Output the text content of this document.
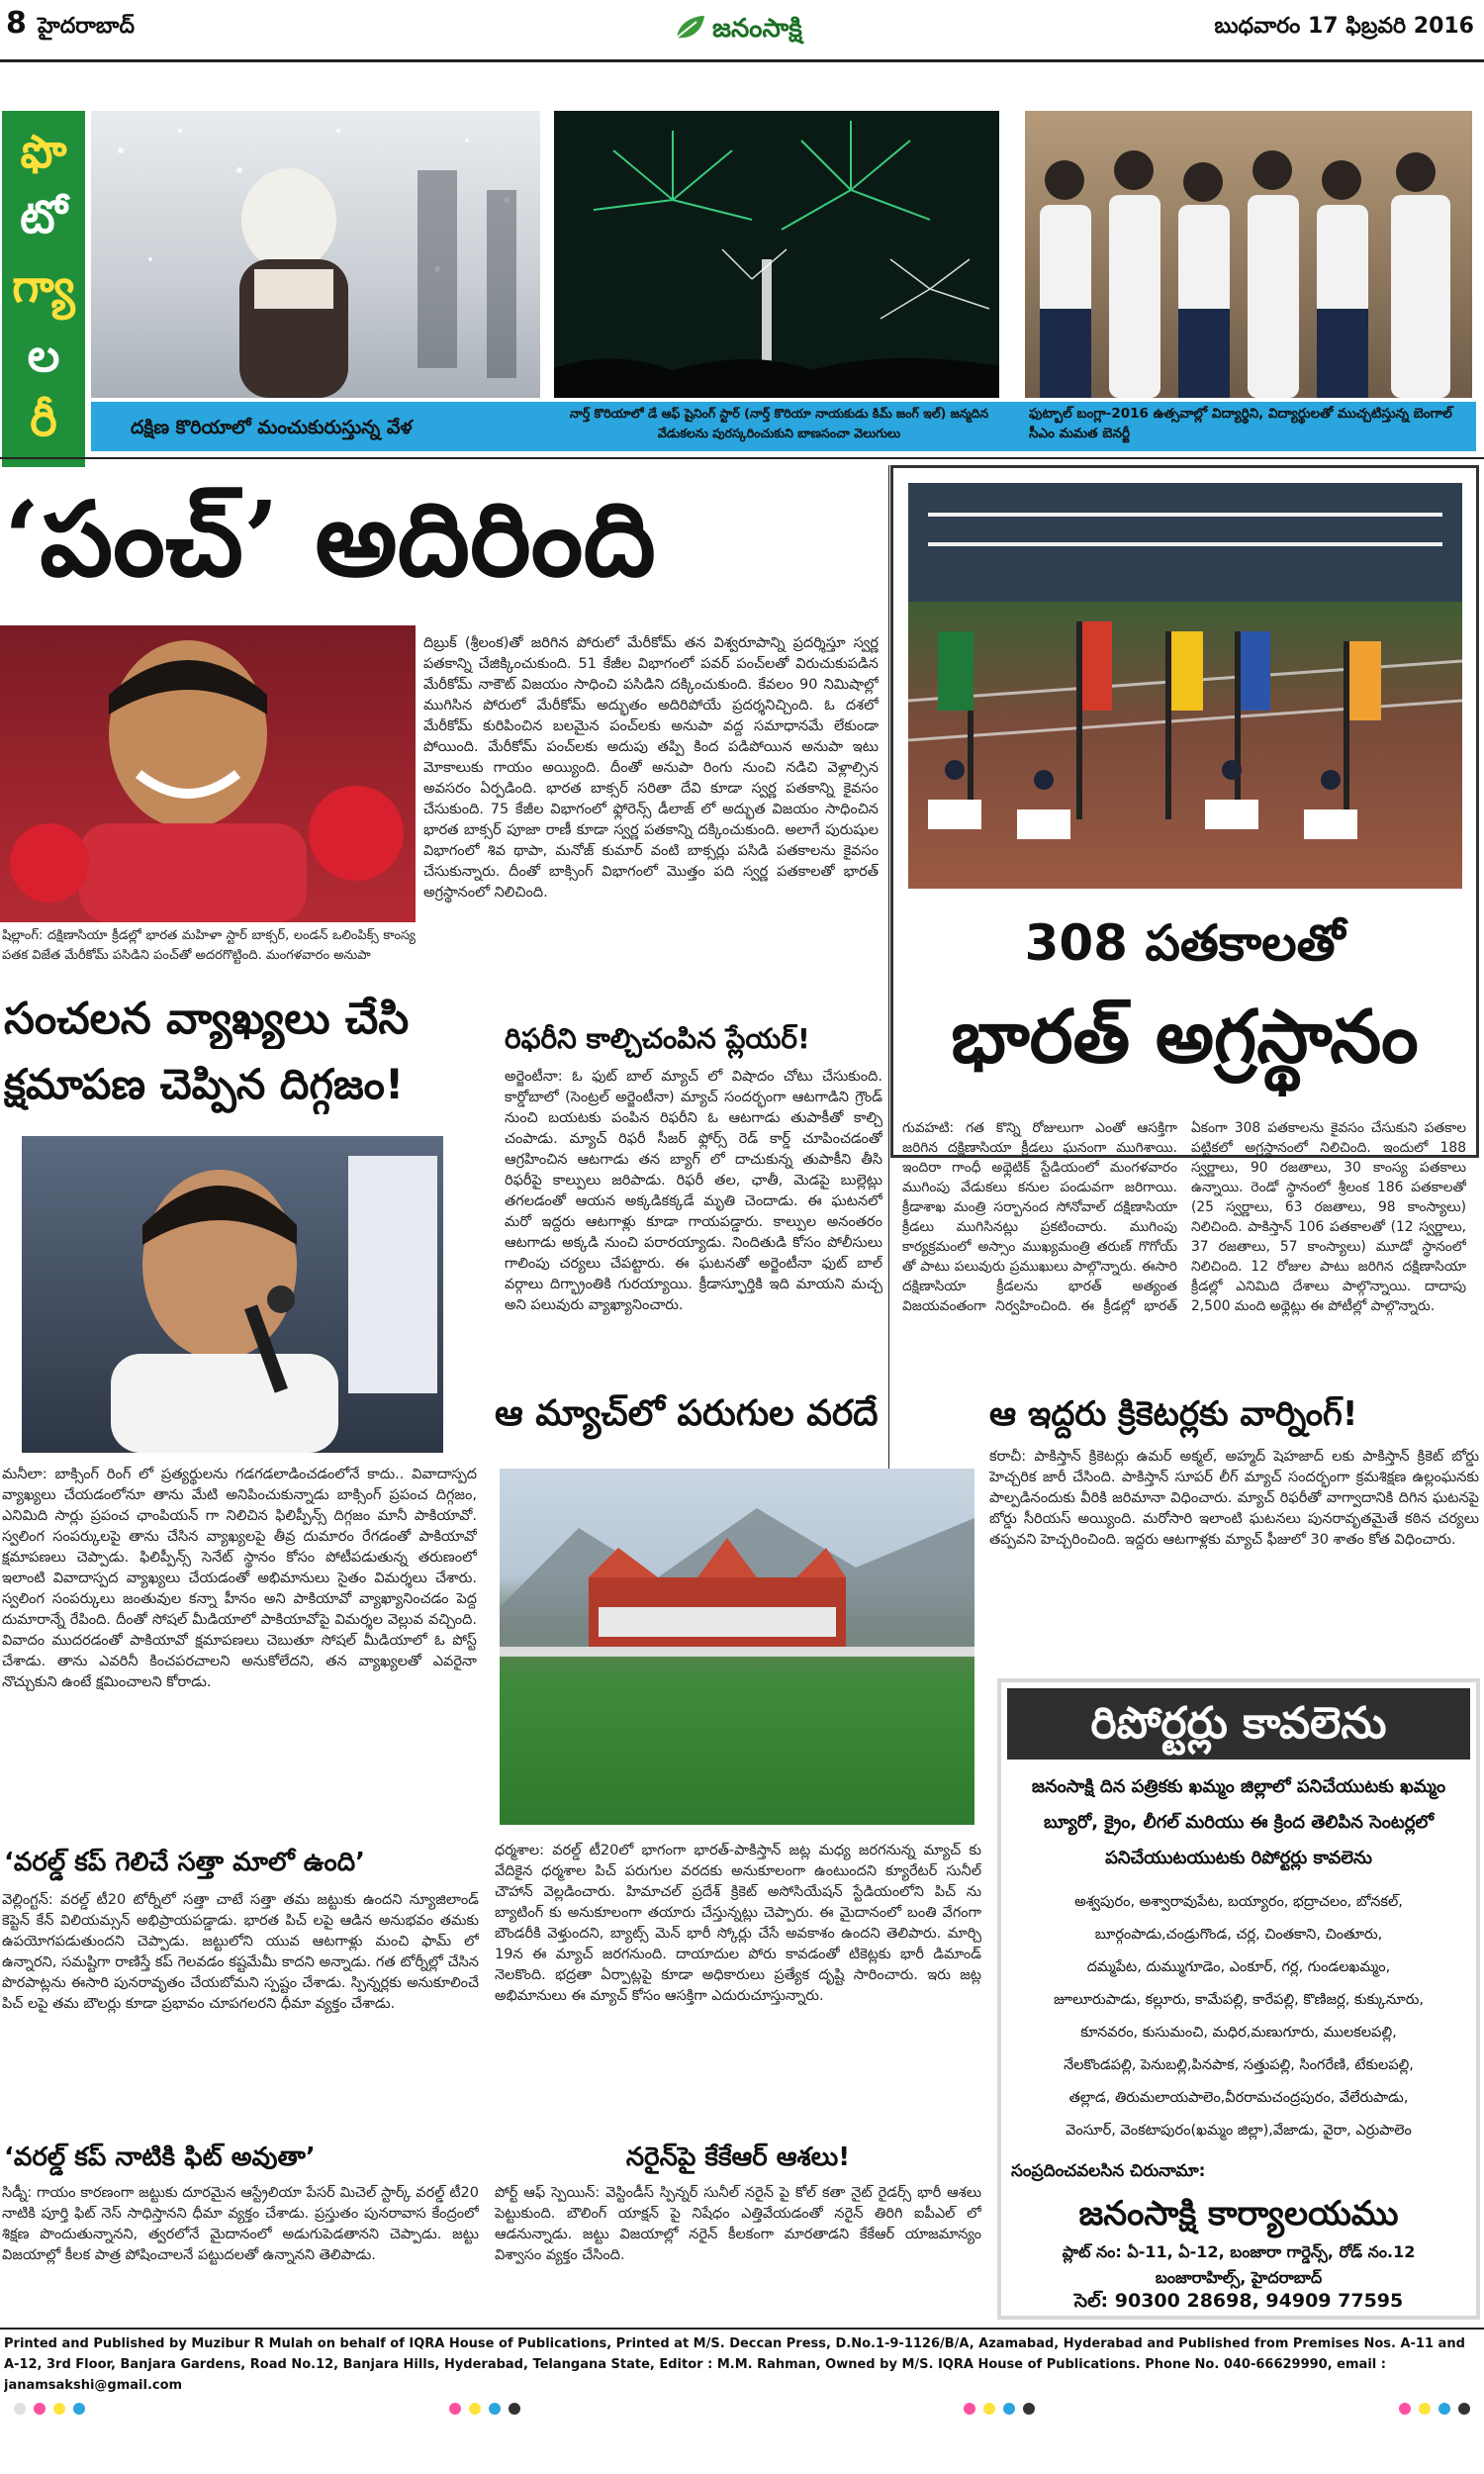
8 హైదరాబాద్	జనంసాక్షి	బుధవారం 17 ఫిబ్రవరి 2016
ఫొ
టో
గ్యా
ల
రీ	దక్షిణ కొరియాలో మంచుకురుస్తున్న వేళ
నార్త్ కొరియాలో డే ఆఫ్ షైనింగ్ స్టార్ (నార్త్ కొరియా నాయకుడు కిమ్ జంగ్ ఇల్) జన్మదిన వేడుకలను పురస్కరించుకుని బాణసంచా వెలుగులు
ఫుట్బాల్ బంగ్లా-2016 ఉత్సవాల్లో విద్యార్థిని, విద్యార్థులతో ముచ్చటిస్తున్న బెంగాల్ సీఎం మమత బెనర్జీ
‘పంచ్’ అదిరింది
షిల్లాంగ్: దక్షిణాసియా క్రీడల్లో భారత మహిళా స్టార్ బాక్సర్, లండన్ ఒలింపిక్స్ కాంస్య పతక విజేత మేరీకోమ్ పసిడిని పంచ్‌తో అదరగొట్టింది. మంగళవారం అనుపా
దిబ్రుక్ (శ్రీలంక)తో జరిగిన పోరులో మేరీకోమ్ తన విశ్వరూపాన్ని ప్రదర్శిస్తూ స్వర్ణ పతకాన్ని చేజిక్కించుకుంది. 51 కేజీల విభాగంలో పవర్ పంచ్‌లతో విరుచుకుపడిన మేరీకోమ్ నాకౌట్ విజయం సాధించి పసిడిని దక్కించుకుంది. కేవలం 90 నిమిషాల్లో ముగిసిన పోరులో మేరీకోమ్ అద్భుతం అదిరిపోయే ప్రదర్శనిచ్చింది. ఓ దశలో మేరీకోమ్ కురిపించిన బలమైన పంచ్‌లకు అనుపా వద్ద సమాధానమే లేకుండా పోయింది. మేరీకోమ్ పంచ్‌లకు అదుపు తప్పి కింద పడిపోయిన అనుపా ఇటు మోకాలుకు గాయం అయ్యింది. దీంతో అనుపా రింగు నుంచి నడిచి వెళ్లాల్సిన అవసరం ఏర్పడింది. భారత బాక్సర్ సరితా దేవి కూడా స్వర్ణ పతకాన్ని కైవసం చేసుకుంది. 75 కేజీల విభాగంలో ఫ్లోరెన్స్ డీలాజ్ లో అద్భుత విజయం సాధించిన భారత బాక్సర్ పూజా రాణీ కూడా స్వర్ణ పతకాన్ని దక్కించుకుంది. అలాగే పురుషుల విభాగంలో శివ థాపా, మనోజ్ కుమార్ వంటి బాక్సర్లు పసిడి పతకాలను కైవసం చేసుకున్నారు. దీంతో బాక్సింగ్ విభాగంలో మొత్తం పది స్వర్ణ పతకాలతో భారత్ అగ్రస్థానంలో నిలిచింది.
సంచలన వ్యాఖ్యలు చేసి
క్షమాపణ చెప్పిన దిగ్గజం!
మనీలా: బాక్సింగ్ రింగ్ లో ప్రత్యర్థులను గడగడలాడించడంలోనే కాదు.. వివాదాస్పద వ్యాఖ్యలు చేయడంలోనూ తాను మేటి అనిపించుకున్నాడు బాక్సింగ్ ప్రపంచ దిగ్గజం, ఎనిమిది సార్లు ప్రపంచ ఛాంపియన్ గా నిలిచిన ఫిలిప్పీన్స్ దిగ్గజం మానీ పాకియావో. స్వలింగ సంపర్కులపై తాను చేసిన వ్యాఖ్యలపై తీవ్ర దుమారం రేగడంతో పాకియావో క్షమాపణలు చెప్పాడు. ఫిలిప్పీన్స్ సెనేట్ స్థానం కోసం పోటీపడుతున్న తరుణంలో ఇలాంటి వివాదాస్పద వ్యాఖ్యలు చేయడంతో అభిమానులు సైతం విమర్శలు చేశారు. స్వలింగ సంపర్కులు జంతువుల కన్నా హీనం అని పాకియావో వ్యాఖ్యానించడం పెద్ద దుమారాన్నే రేపింది. దీంతో సోషల్ మీడియాలో పాకియావోపై విమర్శల వెల్లువ వచ్చింది. వివాదం ముదరడంతో పాకియావో క్షమాపణలు చెబుతూ సోషల్ మీడియాలో ఓ పోస్ట్ చేశాడు. తాను ఎవరినీ కించపరచాలని అనుకోలేదని, తన వ్యాఖ్యలతో ఎవరైనా నొచ్చుకుని ఉంటే క్షమించాలని కోరాడు.
రిఫరీని కాల్చిచంపిన ప్లేయర్!
అర్జెంటీనా: ఓ ఫుట్ బాల్ మ్యాచ్ లో విషాదం చోటు చేసుకుంది. కార్డోబాలో (సెంట్రల్ అర్జెంటీనా) మ్యాచ్ సందర్భంగా ఆటగాడిని గ్రౌండ్ నుంచి బయటకు పంపిన రిఫరీని ఓ ఆటగాడు తుపాకీతో కాల్చి చంపాడు. మ్యాచ్ రిఫరీ సీజర్ ఫ్లోర్స్ రెడ్ కార్డ్ చూపించడంతో ఆగ్రహించిన ఆటగాడు తన బ్యాగ్ లో దాచుకున్న తుపాకీని తీసి రిఫరీపై కాల్పులు జరిపాడు. రిఫరీ తల, ఛాతీ, మెడపై బుల్లెట్లు తగలడంతో ఆయన అక్కడికక్కడే మృతి చెందాడు. ఈ ఘటనలో మరో ఇద్దరు ఆటగాళ్లు కూడా గాయపడ్డారు. కాల్పుల అనంతరం ఆటగాడు అక్కడి నుంచి పరారయ్యాడు. నిందితుడి కోసం పోలీసులు గాలింపు చర్యలు చేపట్టారు. ఈ ఘటనతో అర్జెంటీనా ఫుట్ బాల్ వర్గాలు దిగ్భ్రాంతికి గురయ్యాయి. క్రీడాస్ఫూర్తికి ఇది మాయని మచ్చ అని పలువురు వ్యాఖ్యానించారు.
308 పతకాలతో
భారత్ అగ్రస్థానం
గువహటి: గత కొన్ని రోజులుగా ఎంతో ఆసక్తిగా జరిగిన దక్షిణాసియా క్రీడలు ఘనంగా ముగిశాయి. ఇందిరా గాంధీ అథ్లెటిక్ స్టేడియంలో మంగళవారం ముగింపు వేడుకలు కనుల పండువగా జరిగాయి. క్రీడాశాఖ మంత్రి సర్బానంద సోనోవాల్ దక్షిణాసియా క్రీడలు ముగిసినట్లు ప్రకటించారు. ముగింపు కార్యక్రమంలో అస్సాం ముఖ్యమంత్రి తరుణ్ గొగోయ్ తో పాటు పలువురు ప్రముఖులు పాల్గొన్నారు. ఈసారి దక్షిణాసియా క్రీడలను భారత్ అత్యంత విజయవంతంగా నిర్వహించింది. ఈ క్రీడల్లో భారత్ ఏకంగా 308 పతకాలను కైవసం చేసుకుని పతకాల పట్టికలో అగ్రస్థానంలో నిలిచింది. ఇందులో 188 స్వర్ణాలు, 90 రజతాలు, 30 కాంస్య పతకాలు ఉన్నాయి. రెండో స్థానంలో శ్రీలంక 186 పతకాలతో (25 స్వర్ణాలు, 63 రజతాలు, 98 కాంస్యాలు) నిలిచింది. పాకిస్తాన్ 106 పతకాలతో (12 స్వర్ణాలు, 37 రజతాలు, 57 కాంస్యాలు) మూడో స్థానంలో నిలిచింది. 12 రోజుల పాటు జరిగిన దక్షిణాసియా క్రీడల్లో ఎనిమిది దేశాలు పాల్గొన్నాయి. దాదాపు 2,500 మంది అథ్లెట్లు ఈ పోటీల్లో పాల్గొన్నారు.
ఆ మ్యాచ్‌లో పరుగుల వరదే
ధర్మశాల: వరల్డ్ టీ20లో భాగంగా భారత్-పాకిస్తాన్ జట్ల మధ్య జరగనున్న మ్యాచ్ కు వేదికైన ధర్మశాల పిచ్ పరుగుల వరదకు అనుకూలంగా ఉంటుందని క్యూరేటర్ సునీల్ చౌహాన్ వెల్లడించారు. హిమాచల్ ప్రదేశ్ క్రికెట్ అసోసియేషన్ స్టేడియంలోని పిచ్ ను బ్యాటింగ్ కు అనుకూలంగా తయారు చేస్తున్నట్లు చెప్పారు. ఈ మైదానంలో బంతి వేగంగా బౌండరీకి వెళ్తుందని, బ్యాట్స్ మెన్ భారీ స్కోర్లు చేసే అవకాశం ఉందని తెలిపారు. మార్చి 19న ఈ మ్యాచ్ జరగనుంది. దాయాదుల పోరు కావడంతో టికెట్లకు భారీ డిమాండ్ నెలకొంది. భద్రతా ఏర్పాట్లపై కూడా అధికారులు ప్రత్యేక దృష్టి సారించారు. ఇరు జట్ల అభిమానులు ఈ మ్యాచ్ కోసం ఆసక్తిగా ఎదురుచూస్తున్నారు.
ఆ ఇద్దరు క్రికెటర్లకు వార్నింగ్!
కరాచీ: పాకిస్తాన్ క్రికెటర్లు ఉమర్ అక్మల్, అహ్మద్ షెహజాద్ లకు పాకిస్తాన్ క్రికెట్ బోర్డు హెచ్చరిక జారీ చేసింది. పాకిస్తాన్ సూపర్ లీగ్ మ్యాచ్ సందర్భంగా క్రమశిక్షణ ఉల్లంఘనకు పాల్పడినందుకు వీరికి జరిమానా విధించారు. మ్యాచ్ రిఫరీతో వాగ్వాదానికి దిగిన ఘటనపై బోర్డు సీరియస్ అయ్యింది. మరోసారి ఇలాంటి ఘటనలు పునరావృతమైతే కఠిన చర్యలు తప్పవని హెచ్చరించింది. ఇద్దరు ఆటగాళ్లకు మ్యాచ్ ఫీజులో 30 శాతం కోత విధించారు.
రిపోర్టర్లు కావలెను
జనంసాక్షి దిన పత్రికకు ఖమ్మం జిల్లాలో పనిచేయుటకు ఖమ్మం బ్యూరో, క్రైం, లీగల్ మరియు ఈ క్రింద తెలిపిన సెంటర్లలో పనిచేయుటయుటకు రిపోర్టర్లు కావలెను
అశ్వపురం, అశ్వారావుపేట, బయ్యారం, భద్రాచలం, బోనకల్,
బూర్గంపాడు,చండ్రుగొండ, చర్ల, చింతకాని, చింతూరు,
దమ్మపేట, దుమ్ముగూడెం, ఎంకూర్, గర్ల, గుండలఖమ్మం,
జూలూరుపాడు, కల్లూరు, కామేపల్లి, కారేపల్లి, కొణిజర్ల, కుక్కునూరు,
కూనవరం, కుసుమంచి, మధిర,మణుగూరు, ములకలపల్లి,
నేలకొండపల్లి, పెనుబల్లి,పినపాక, సత్తుపల్లి, సింగరేణి, టేకులపల్లి,
తల్లాడ, తిరుమలాయపాలెం,వీరరామచంద్రపురం, వేలేరుపాడు,
వెంసూర్, వెంకటాపురం(ఖమ్మం జిల్లా),వేజాడు, వైరా, ఎర్రుపాలెం
సంప్రదించవలసిన చిరునామా:
జనంసాక్షి కార్యాలయము
ప్లాట్ నం: ఏ-11, ఏ-12, బంజారా గార్డెన్స్, రోడ్ నం.12
బంజారాహిల్స్, హైదరాబాద్
సెల్: 90300 28698, 94909 77595
‘వరల్డ్ కప్ గెలిచే సత్తా మాలో ఉంది’
వెల్లింగ్టన్: వరల్డ్ టీ20 టోర్నీలో సత్తా చాటే సత్తా తమ జట్టుకు ఉందని న్యూజిలాండ్ కెప్టెన్ కేన్ విలియమ్సన్ అభిప్రాయపడ్డాడు. భారత పిచ్ లపై ఆడిన అనుభవం తమకు ఉపయోగపడుతుందని చెప్పాడు. జట్టులోని యువ ఆటగాళ్లు మంచి ఫామ్ లో ఉన్నారని, సమష్టిగా రాణిస్తే కప్ గెలవడం కష్టమేమీ కాదని అన్నాడు. గత టోర్నీల్లో చేసిన పొరపాట్లను ఈసారి పునరావృతం చేయబోమని స్పష్టం చేశాడు. స్పిన్నర్లకు అనుకూలించే పిచ్ లపై తమ బౌలర్లు కూడా ప్రభావం చూపగలరని ధీమా వ్యక్తం చేశాడు.
‘వరల్డ్ కప్ నాటికి ఫిట్ అవుతా’
సిడ్నీ: గాయం కారణంగా జట్టుకు దూరమైన ఆస్ట్రేలియా పేసర్ మిచెల్ స్టార్క్ వరల్డ్ టీ20 నాటికి పూర్తి ఫిట్ నెస్ సాధిస్తానని ధీమా వ్యక్తం చేశాడు. ప్రస్తుతం పునరావాస కేంద్రంలో శిక్షణ పొందుతున్నానని, త్వరలోనే మైదానంలో అడుగుపెడతానని చెప్పాడు. జట్టు విజయాల్లో కీలక పాత్ర పోషించాలనే పట్టుదలతో ఉన్నానని తెలిపాడు.
నరైన్‌పై కేకేఆర్ ఆశలు!
పోర్ట్ ఆఫ్ స్పెయిన్: వెస్టిండీస్ స్పిన్నర్ సునీల్ నరైన్ పై కోల్ కతా నైట్ రైడర్స్ భారీ ఆశలు పెట్టుకుంది. బౌలింగ్ యాక్షన్ పై నిషేధం ఎత్తివేయడంతో నరైన్ తిరిగి ఐపీఎల్ లో ఆడనున్నాడు. జట్టు విజయాల్లో నరైన్ కీలకంగా మారతాడని కేకేఆర్ యాజమాన్యం విశ్వాసం వ్యక్తం చేసింది.
Printed and Published by Muzibur R Mulah on behalf of IQRA House of Publications, Printed at M/S. Deccan Press, D.No.1-9-1126/B/A, Azamabad, Hyderabad and Published from Premises Nos. A-11 and A-12, 3rd Floor, Banjara Gardens, Road No.12, Banjara Hills, Hyderabad, Telangana State, Editor : M.M. Rahman, Owned by M/S. IQRA House of Publications. Phone No. 040-66629990, email : janamsakshi@gmail.com
